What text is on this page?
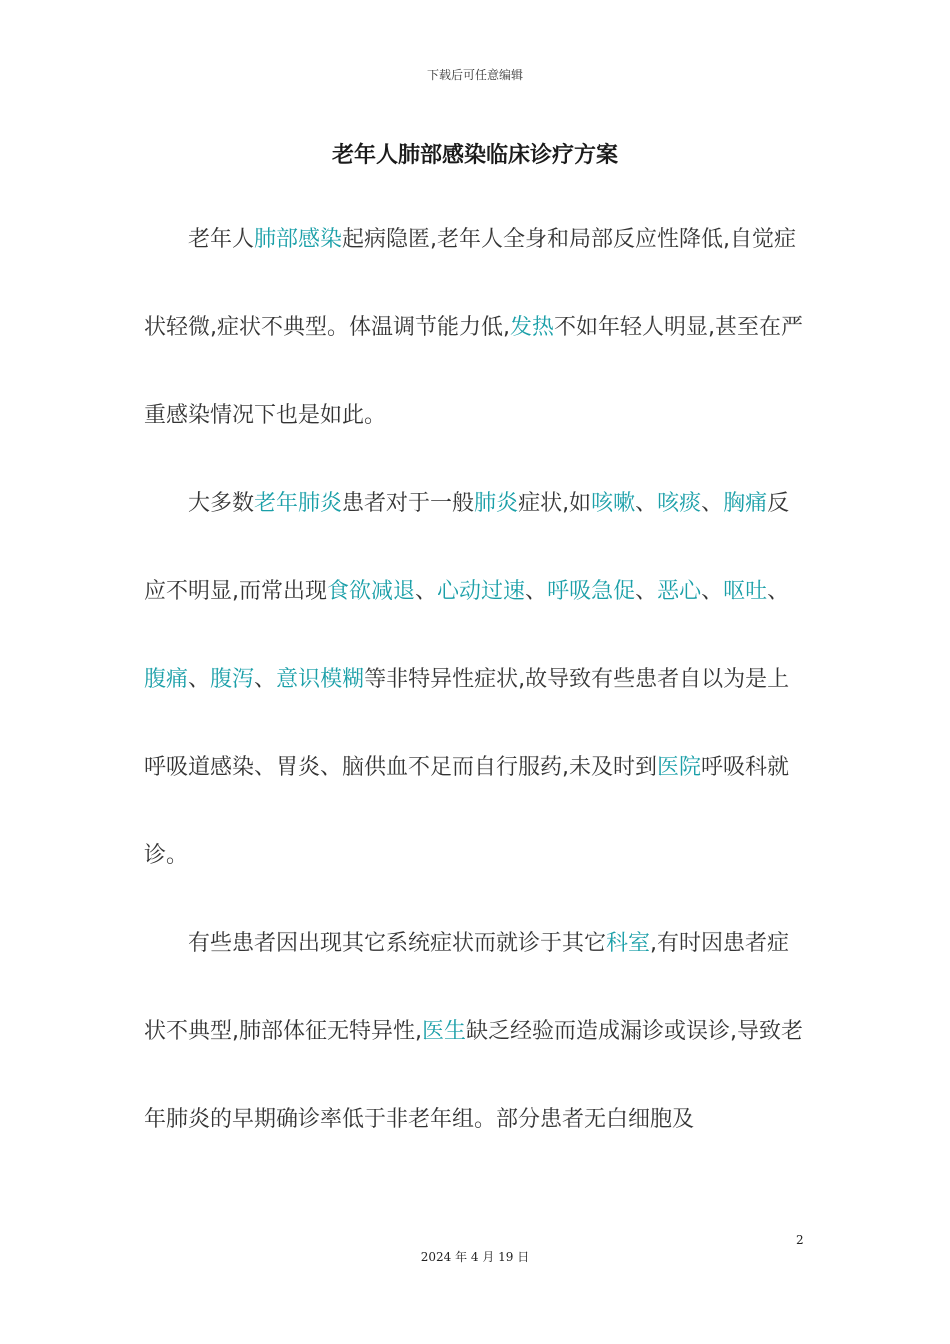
下载后可任意编辑
老年人肺部感染临床诊疗方案

老年人肺部感染起病隐匿,老年人全身和局部反应性降低,自觉症状轻微,症状不典型。体温调节能力低,发热不如年轻人明显,甚至在严重感染情况下也是如此。

大多数老年肺炎患者对于一般肺炎症状,如咳嗽、咳痰、胸痛反应不明显,而常出现食欲减退、心动过速、呼吸急促、恶心、呕吐、腹痛、腹泻、意识模糊等非特异性症状,故导致有些患者自以为是上呼吸道感染、胃炎、脑供血不足而自行服药,未及时到医院呼吸科就诊。

有些患者因出现其它系统症状而就诊于其它科室,有时因患者症状不典型,肺部体征无特异性,医生缺乏经验而造成漏诊或误诊,导致老年肺炎的早期确诊率低于非老年组。部分患者无白细胞及

2
2024 年 4 月 19 日
